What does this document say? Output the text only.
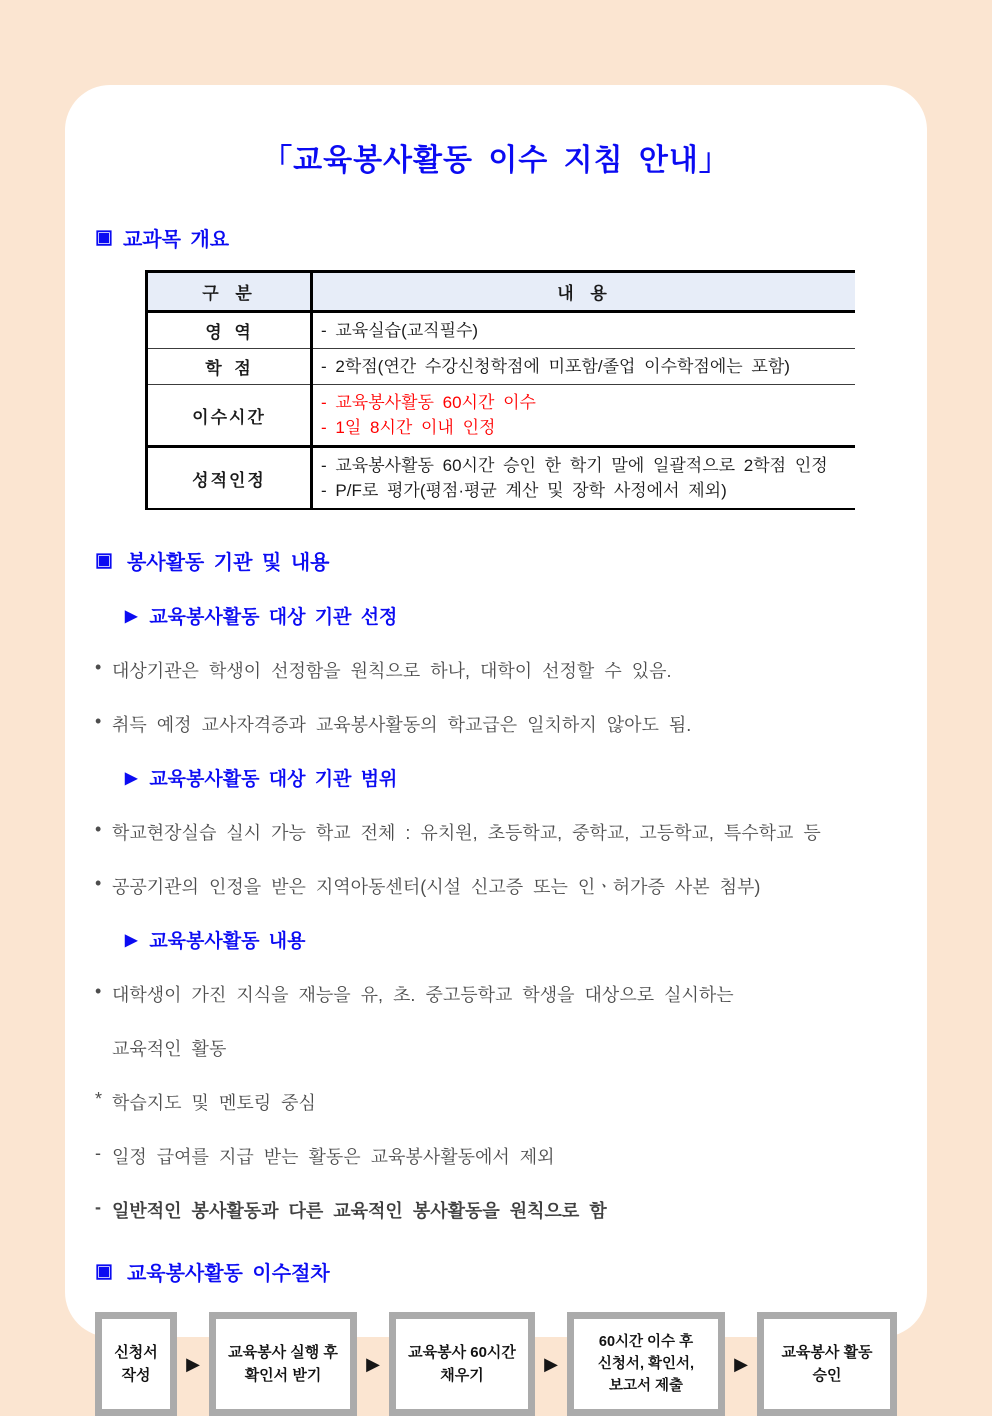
「교육봉사활동 이수 지침 안내」
▣ 교과목 개요
구 분	내 용
영 역	- 교육실습(교직필수)

학 점	- 2학점(연간 수강신청학점에 미포함/졸업 이수학점에는 포함)

이수시간	- 교육봉사활동 60시간 이수
- 1일 8시간 이내 인정

성적인정	- 교육봉사활동 60시간 승인 한 학기 말에 일괄적으로 2학점 인정
- P/F로 평가(평점·평균 계산 및 장학 사정에서 제외)
▣ 봉사활동 기관 및 내용
▶ 교육봉사활동 대상 기관 선정
• 대상기관은 학생이 선정함을 원칙으로 하나, 대학이 선정할 수 있음.
• 취득 예정 교사자격증과 교육봉사활동의 학교급은 일치하지 않아도 됨.
▶ 교육봉사활동 대상 기관 범위
• 학교현장실습 실시 가능 학교 전체 : 유치원, 초등학교, 중학교, 고등학교, 특수학교 등
• 공공기관의 인정을 받은 지역아동센터(시설 신고증 또는 인ㆍ허가증 사본 첨부)
▶ 교육봉사활동 내용
• 대학생이 가진 지식을 재능을 유, 초. 중고등학교 학생을 대상으로 실시하는
교육적인 활동
* 학습지도 및 멘토링 중심
- 일정 급여를 지급 받는 활동은 교육봉사활동에서 제외
- 일반적인 봉사활동과 다른 교육적인 봉사활동을 원칙으로 함
▣ 교육봉사활동 이수절차
신청서
작성
▶
교육봉사 실행 후
확인서 받기
▶
교육봉사 60시간
채우기
▶
60시간 이수 후
신청서, 확인서,
보고서 제출
▶
교육봉사 활동
승인
